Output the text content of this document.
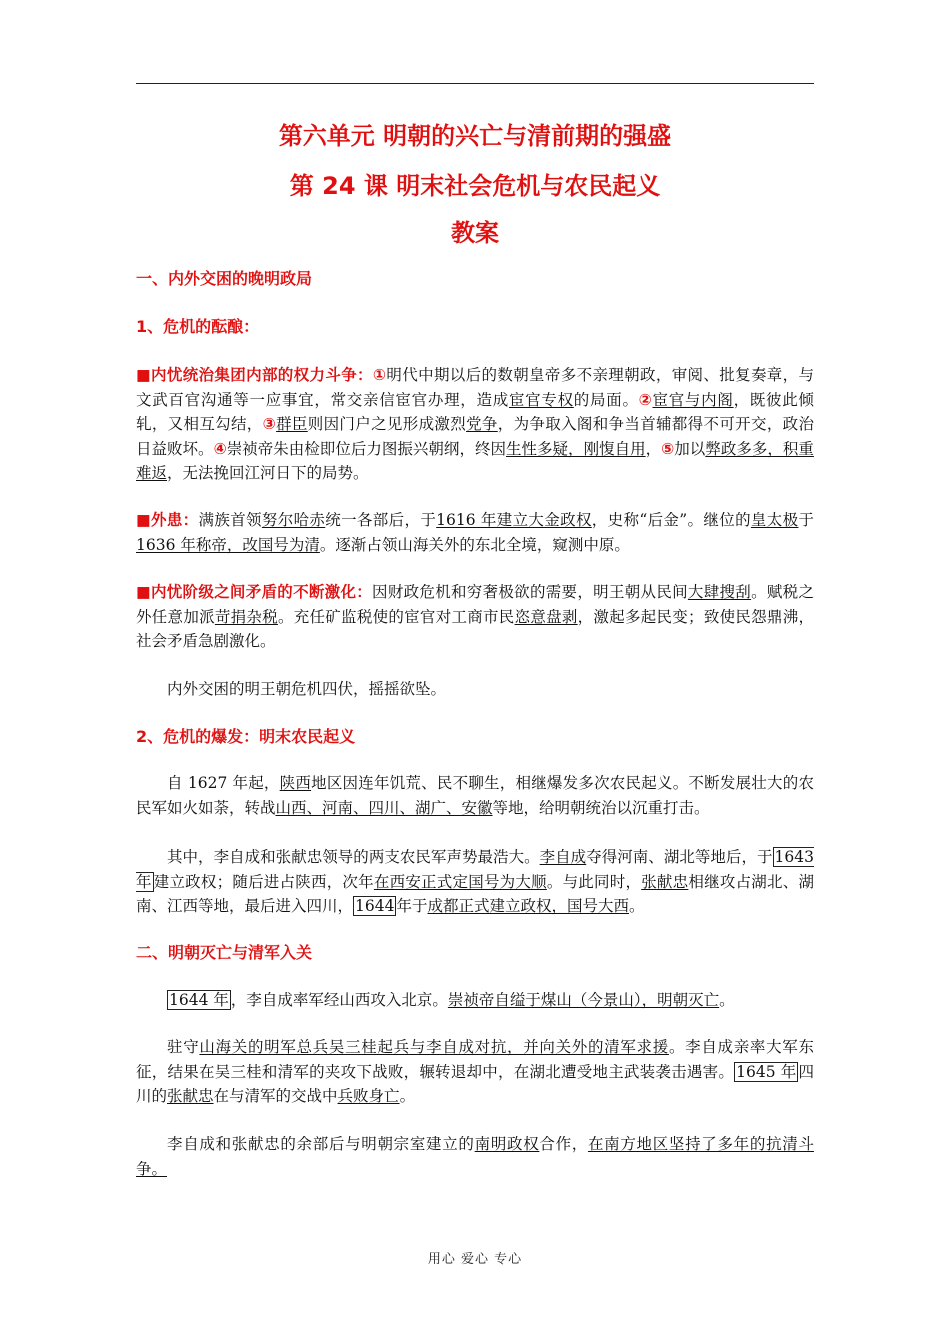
第六单元 明朝的兴亡与清前期的强盛
第 24 课 明末社会危机与农民起义
教案
一、内外交困的晚明政局
1、危机的酝酿：
■内忧统治集团内部的权力斗争：①明代中期以后的数朝皇帝多不亲理朝政，审阅、批复奏章，与文武百官沟通等一应事宜，常交亲信宦官办理，造成宦官专权的局面。②宦官与内阁，既彼此倾轧，又相互勾结，③群臣则因门户之见形成激烈党争，为争取入阁和争当首辅都得不可开交，政治日益败坏。④崇祯帝朱由检即位后力图振兴朝纲，终因生性多疑，刚愎自用，⑤加以弊政多多，积重难返，无法挽回江河日下的局势。
■外患：满族首领努尔哈赤统一各部后，于1616 年建立大金政权，史称“后金”。继位的皇太极于1636 年称帝，改国号为清。逐渐占领山海关外的东北全境，窥测中原。
■内忧阶级之间矛盾的不断激化：因财政危机和穷奢极欲的需要，明王朝从民间大肆搜刮。赋税之外任意加派苛捐杂税。充任矿监税使的宦官对工商市民恣意盘剥，激起多起民变；致使民怨鼎沸，社会矛盾急剧激化。
内外交困的明王朝危机四伏，摇摇欲坠。
2、危机的爆发：明末农民起义
自 1627 年起，陕西地区因连年饥荒、民不聊生，相继爆发多次农民起义。不断发展壮大的农民军如火如荼，转战山西、河南、四川、湖广、安徽等地，给明朝统治以沉重打击。
其中，李自成和张献忠领导的两支农民军声势最浩大。李自成夺得河南、湖北等地后，于 1643 年 建立政权；随后进占陕西，次年在西安正式定国号为大顺。与此同时，张献忠相继攻占湖北、湖南、江西等地，最后进入四川， 1644 年于成都正式建立政权，国号大西。
二、明朝灭亡与清军入关
1644 年 ，李自成率军经山西攻入北京。崇祯帝自缢于煤山（今景山），明朝灭亡。
驻守山海关的明军总兵吴三桂起兵与李自成对抗，并向关外的清军求援。李自成亲率大军东征，结果在吴三桂和清军的夹攻下战败，辗转退却中，在湖北遭受地主武装袭击遇害。 1645 年 四川的张献忠在与清军的交战中兵败身亡。
李自成和张献忠的余部后与明朝宗室建立的南明政权合作，在南方地区坚持了多年的抗清斗争。
用心 爱心 专心
